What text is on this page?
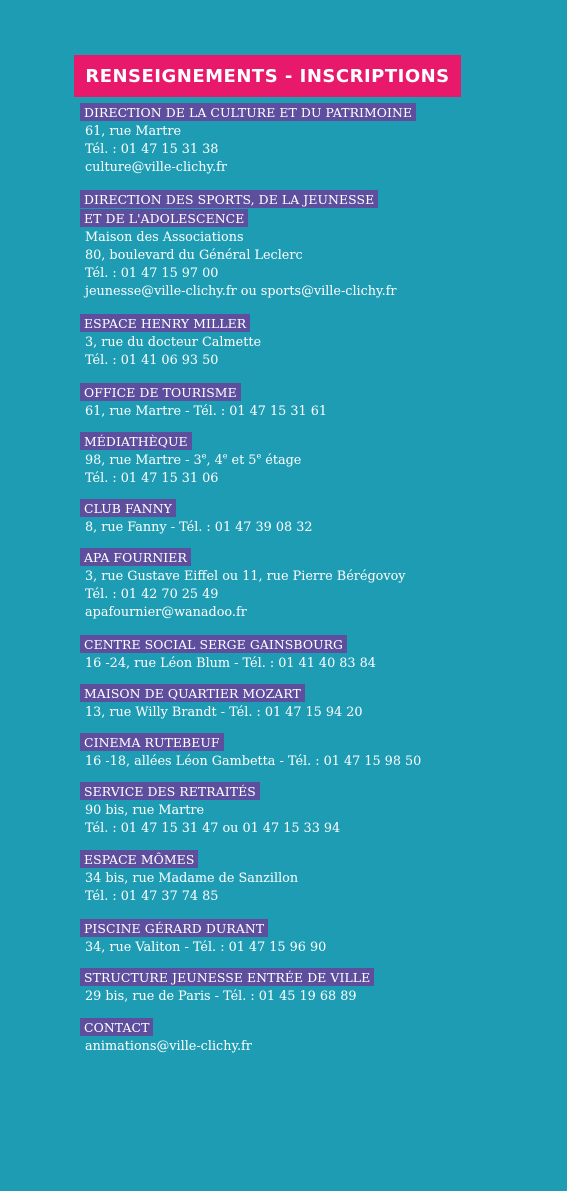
RENSEIGNEMENTS - INSCRIPTIONS
DIRECTION DE LA CULTURE ET DU PATRIMOINE
61, rue Martre
Tél. : 01 47 15 31 38
culture@ville-clichy.fr
DIRECTION DES SPORTS, DE LA JEUNESSE
ET DE L'ADOLESCENCE
Maison des Associations
80, boulevard du Général Leclerc
Tél. : 01 47 15 97 00
jeunesse@ville-clichy.fr ou sports@ville-clichy.fr
ESPACE HENRY MILLER
3, rue du docteur Calmette
Tél. : 01 41 06 93 50
OFFICE DE TOURISME
61, rue Martre - Tél. : 01 47 15 31 61
MÉDIATHÈQUE
98, rue Martre - 3e, 4e et 5e étage
Tél. : 01 47 15 31 06
CLUB FANNY
8, rue Fanny - Tél. : 01 47 39 08 32
APA FOURNIER
3, rue Gustave Eiffel ou 11, rue Pierre Bérégovoy
Tél. : 01 42 70 25 49
apafournier@wanadoo.fr
CENTRE SOCIAL SERGE GAINSBOURG
16 -24, rue Léon Blum - Tél. : 01 41 40 83 84
MAISON DE QUARTIER MOZART
13, rue Willy Brandt - Tél. : 01 47 15 94 20
CINEMA RUTEBEUF
16 -18, allées Léon Gambetta - Tél. : 01 47 15 98 50
SERVICE DES RETRAITÉS
90 bis, rue Martre
Tél. : 01 47 15 31 47 ou 01 47 15 33 94
ESPACE MÔMES
34 bis, rue Madame de Sanzillon
Tél. : 01 47 37 74 85
PISCINE GÉRARD DURANT
34, rue Valiton - Tél. : 01 47 15 96 90
STRUCTURE JEUNESSE ENTRÉE DE VILLE
29 bis, rue de Paris - Tél. : 01 45 19 68 89
CONTACT
animations@ville-clichy.fr
